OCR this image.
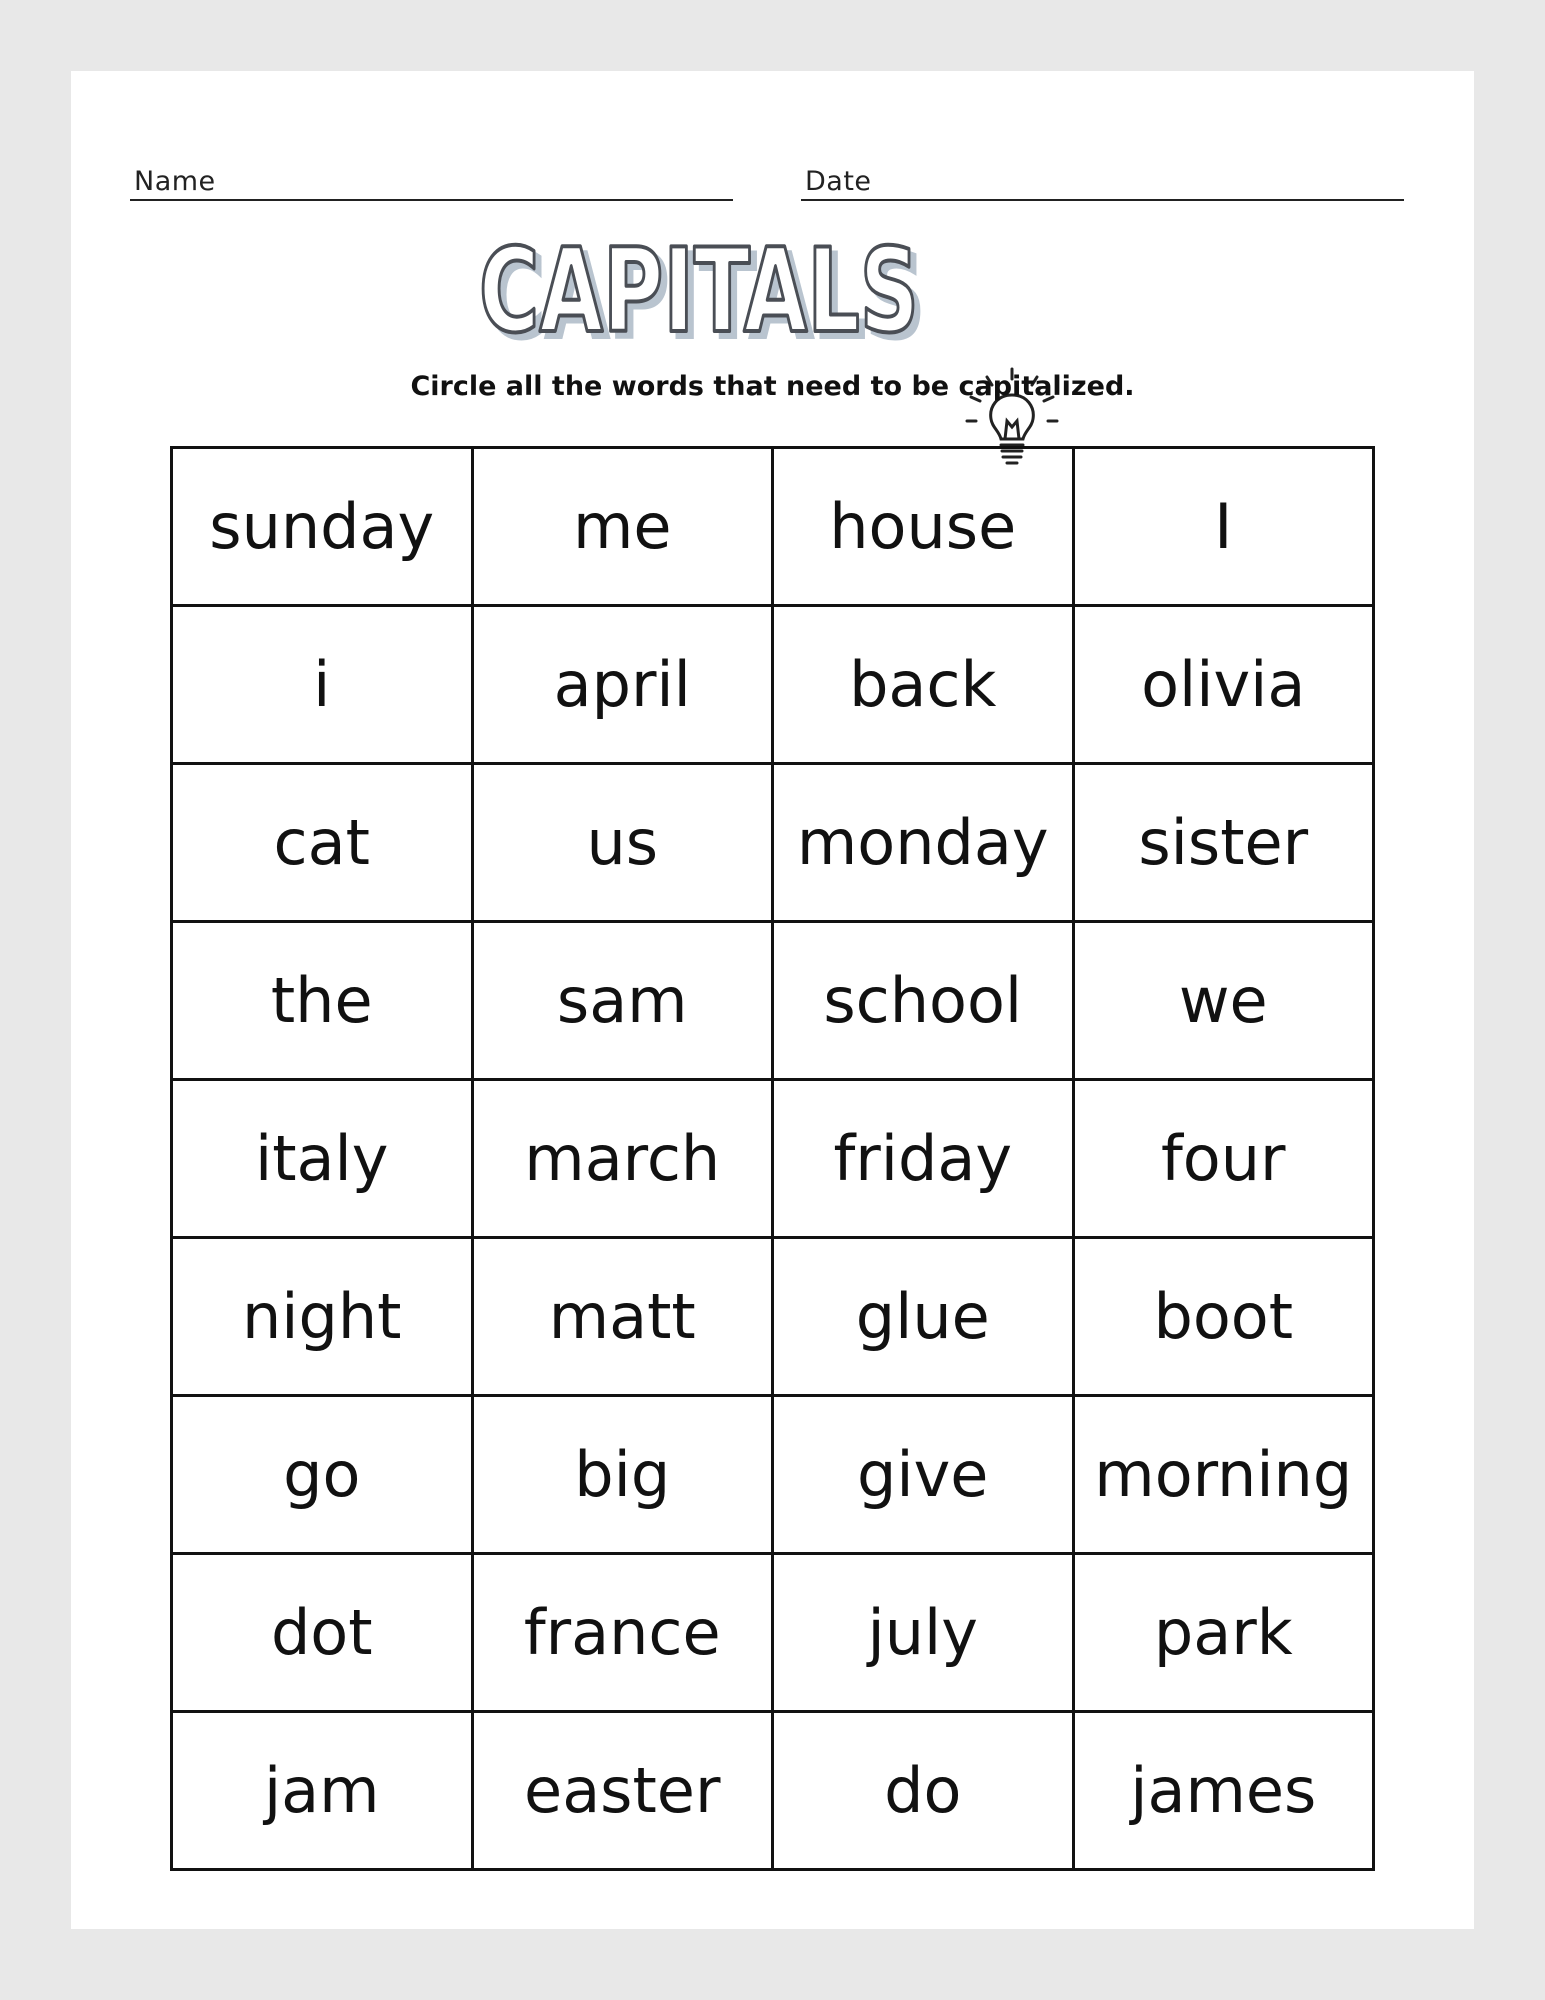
Name	Date
CAPITALS
CAPITALS
Circle all the words that need to be capitalized.
sunday	me	house	I
i	april	back	olivia
cat	us	monday	sister
the	sam	school	we
italy	march	friday	four
night	matt	glue	boot
go	big	give	morning
dot	france	july	park
jam	easter	do	james
